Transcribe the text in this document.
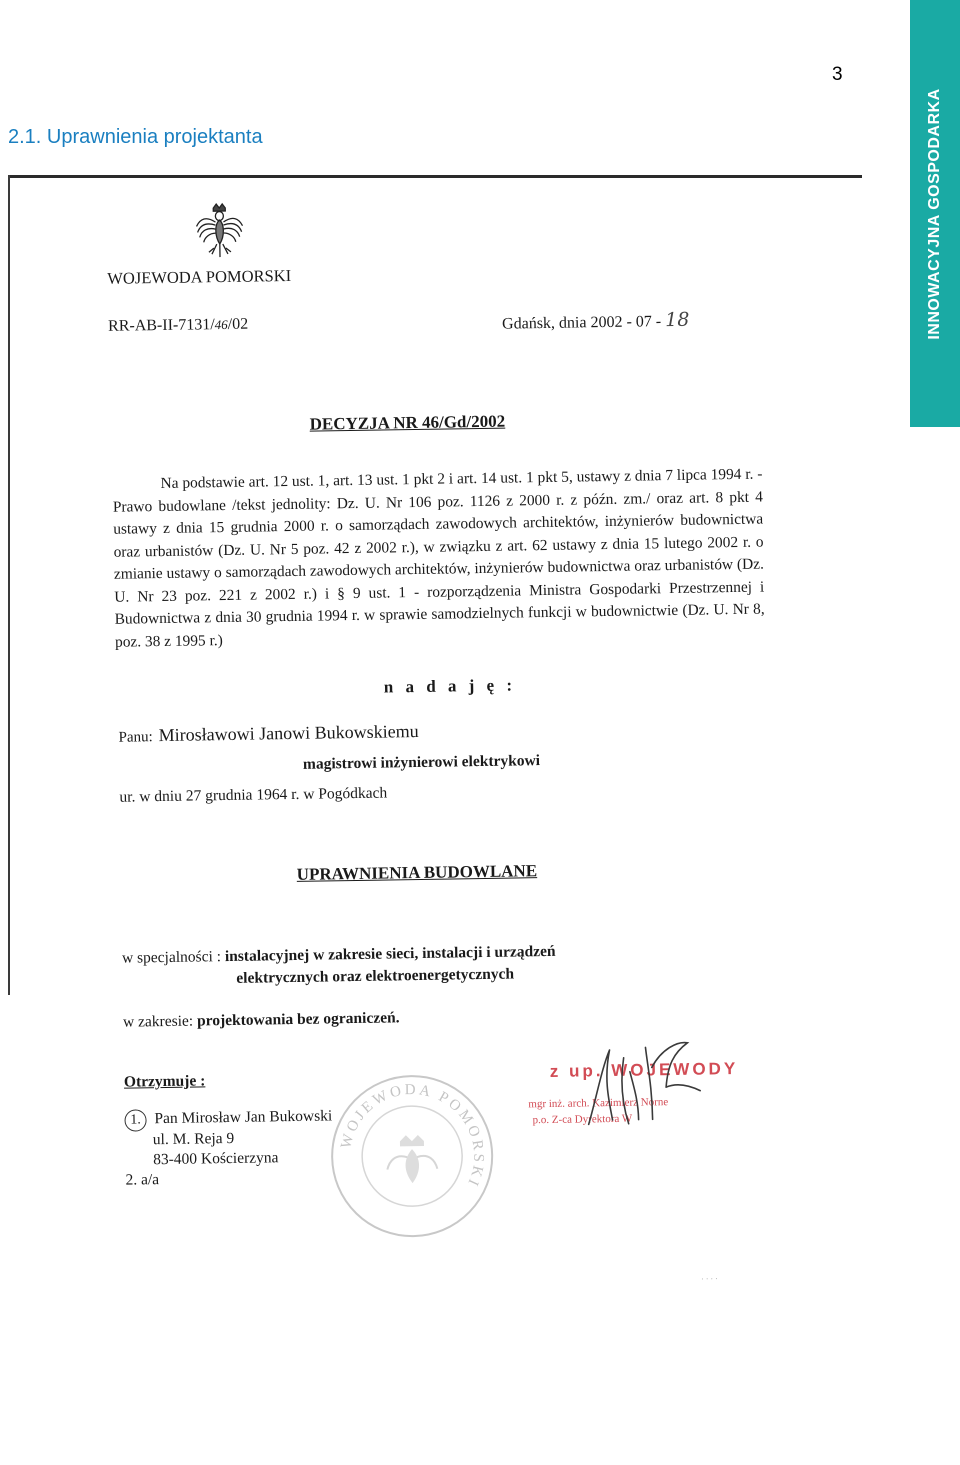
3
2.1. Uprawnienia projektanta	INNOWACYJNA GOSPODARKA
WOJEWODA POMORSKI
RR-AB-II-7131/46/02	Gdańsk, dnia 2002 - 07 - 18
DECYZJA NR 46/Gd/2002
Na podstawie art. 12 ust. 1, art. 13 ust. 1 pkt 2 i art. 14 ust. 1 pkt 5, ustawy z dnia 7 lipca 1994 r. - Prawo budowlane /tekst jednolity: Dz. U. Nr 106 poz. 1126 z 2000 r. z późn. zm./ oraz art. 8 pkt 4 ustawy z dnia 15 grudnia 2000 r. o samorządach zawodowych architektów, inżynierów budownictwa oraz urbanistów (Dz. U. Nr 5 poz. 42 z 2002 r.), w związku z art. 62 ustawy z dnia 15 lutego 2002 r. o zmianie ustawy o samorządach zawodowych architektów, inżynierów budownictwa oraz urbanistów (Dz. U. Nr 23 poz. 221 z 2002 r.) i § 9 ust. 1 - rozporządzenia Ministra Gospodarki Przestrzennej i Budownictwa z dnia 30 grudnia 1994 r. w sprawie samodzielnych funkcji w budownictwie (Dz. U. Nr 8, poz. 38 z 1995 r.)
n a d a j ę :
Panu: Mirosławowi Janowi Bukowskiemu
magistrowi inżynierowi elektrykowi
ur. w dniu 27 grudnia 1964 r. w Pogódkach
UPRAWNIENIA BUDOWLANE
w specjalności : instalacyjnej w zakresie sieci, instalacji i urządzeń
elektrycznych oraz elektroenergetycznych
w zakresie: projektowania bez ograniczeń.
Otrzymuje :
1. Pan Mirosław Jan Bukowski
ul. M. Reja 9
83-400 Kościerzyna
2. a/a
WOJEWODA POMORSKI
z up. WOJEWODY
mgr inż. arch. Kazimierz Norne
p.o. Z-ca Dyrektora W
· · · ·
